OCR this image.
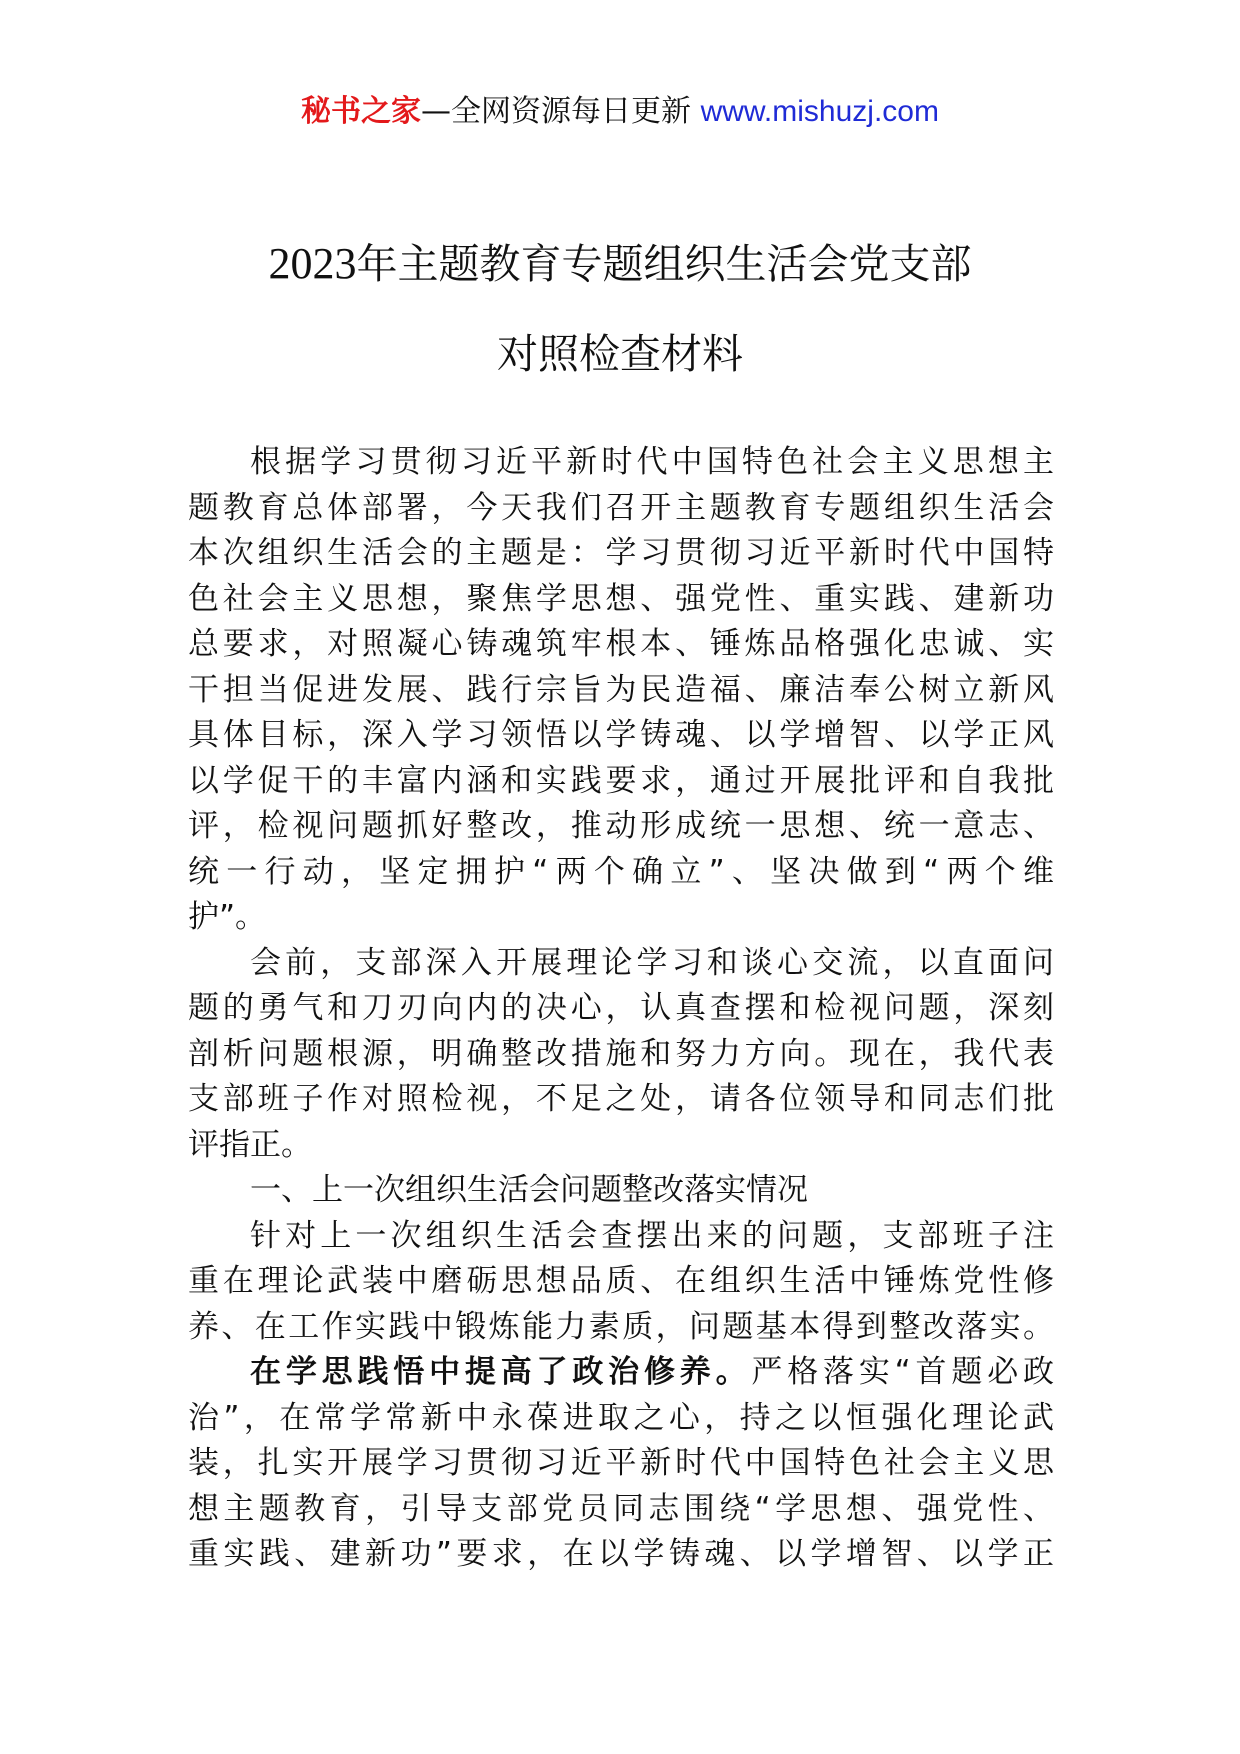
秘书之家—全网资源每日更新 www.mishuzj.com
2023年主题教育专题组织生活会党支部
对照检查材料
根据学习贯彻习近平新时代中国特色社会主义思想主
题教育总体部署，今天我们召开主题教育专题组织生活会
本次组织生活会的主题是：学习贯彻习近平新时代中国特
色社会主义思想，聚焦学思想、强党性、重实践、建新功
总要求，对照凝心铸魂筑牢根本、锤炼品格强化忠诚、实
干担当促进发展、践行宗旨为民造福、廉洁奉公树立新风
具体目标，深入学习领悟以学铸魂、以学增智、以学正风
以学促干的丰富内涵和实践要求，通过开展批评和自我批
评，检视问题抓好整改，推动形成统一思想、统一意志、
统一行动，坚定拥护“两个确立”、坚决做到“两个维
护”。
会前，支部深入开展理论学习和谈心交流，以直面问
题的勇气和刀刃向内的决心，认真查摆和检视问题，深刻
剖析问题根源，明确整改措施和努力方向。现在，我代表
支部班子作对照检视，不足之处，请各位领导和同志们批
评指正。
一、上一次组织生活会问题整改落实情况
针对上一次组织生活会查摆出来的问题，支部班子注
重在理论武装中磨砺思想品质、在组织生活中锤炼党性修
养、在工作实践中锻炼能力素质，问题基本得到整改落实。
在学思践悟中提高了政治修养。严格落实“首题必政
治”，在常学常新中永葆进取之心，持之以恒强化理论武
装，扎实开展学习贯彻习近平新时代中国特色社会主义思
想主题教育，引导支部党员同志围绕“学思想、强党性、
重实践、建新功”要求，在以学铸魂、以学增智、以学正
